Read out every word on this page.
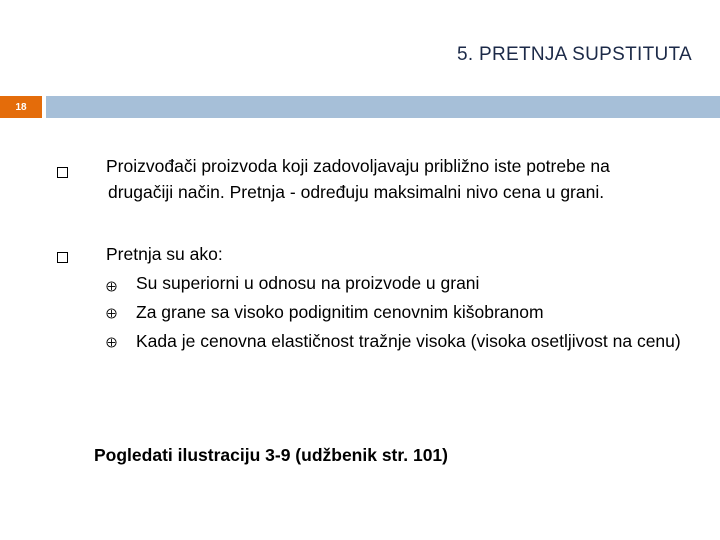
5. PRETNJA SUPSTITUTA
18
Proizvođači proizvoda koji zadovoljavaju približno iste potrebe na
drugačiji način. Pretnja - određuju maksimalni nivo cena u grani.
Pretnja su ako:
Su superiorni u odnosu na proizvode u grani
Za grane sa visoko podignitim cenovnim kišobranom
Kada je cenovna elastičnost tražnje visoka (visoka osetljivost na cenu)
Pogledati ilustraciju 3-9 (udžbenik str. 101)
